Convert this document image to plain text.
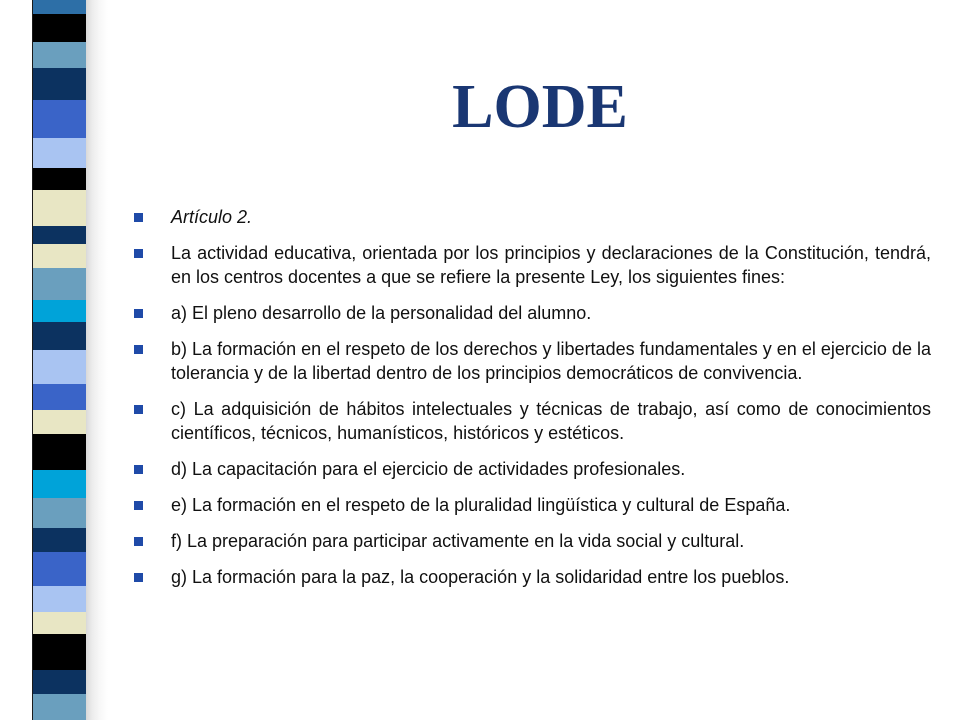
LODE
Artículo 2.
La actividad educativa, orientada por los principios y declaraciones de la Constitución, tendrá, en los centros docentes a que se refiere la presente Ley, los siguientes fines:
a) El pleno desarrollo de la personalidad del alumno.
b) La formación en el respeto de los derechos y libertades fundamentales y en el ejercicio de la tolerancia y de la libertad dentro de los principios democráticos de convivencia.
c) La adquisición de hábitos intelectuales y técnicas de trabajo, así como de conocimientos científicos, técnicos, humanísticos, históricos y estéticos.
d) La capacitación para el ejercicio de actividades profesionales.
e) La formación en el respeto de la pluralidad lingüística y cultural de España.
f) La preparación para participar activamente en la vida social y cultural.
g) La formación para la paz, la cooperación y la solidaridad entre los pueblos.
